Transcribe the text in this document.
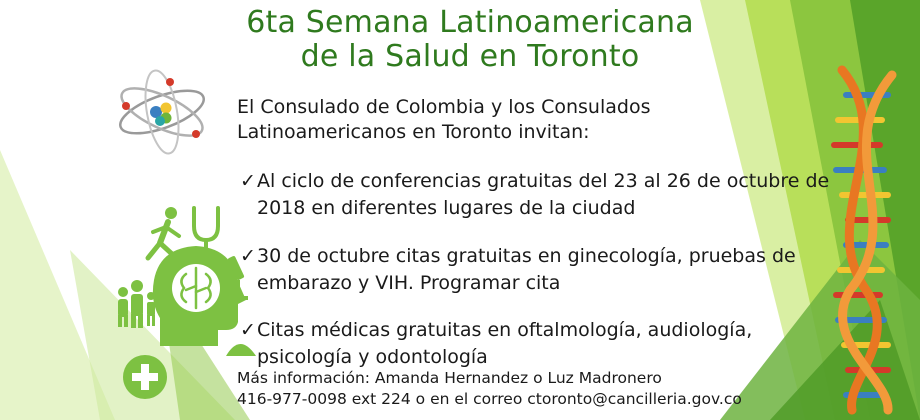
6ta Semana Latinoamericana
de la Salud en Toronto
El Consulado de Colombia y los Consulados Latinoamericanos en Toronto invitan:
✓ Al ciclo de conferencias gratuitas del 23 al 26 de octubre de 2018 en diferentes lugares de la ciudad
✓ 30 de octubre citas gratuitas en ginecología, pruebas de embarazo y VIH. Programar cita
✓ Citas médicas gratuitas en oftalmología, audiología, psicología y odontología
Más información: Amanda Hernandez o Luz Madronero
416-977-0098 ext 224 o en el correo ctoronto@cancilleria.gov.co
